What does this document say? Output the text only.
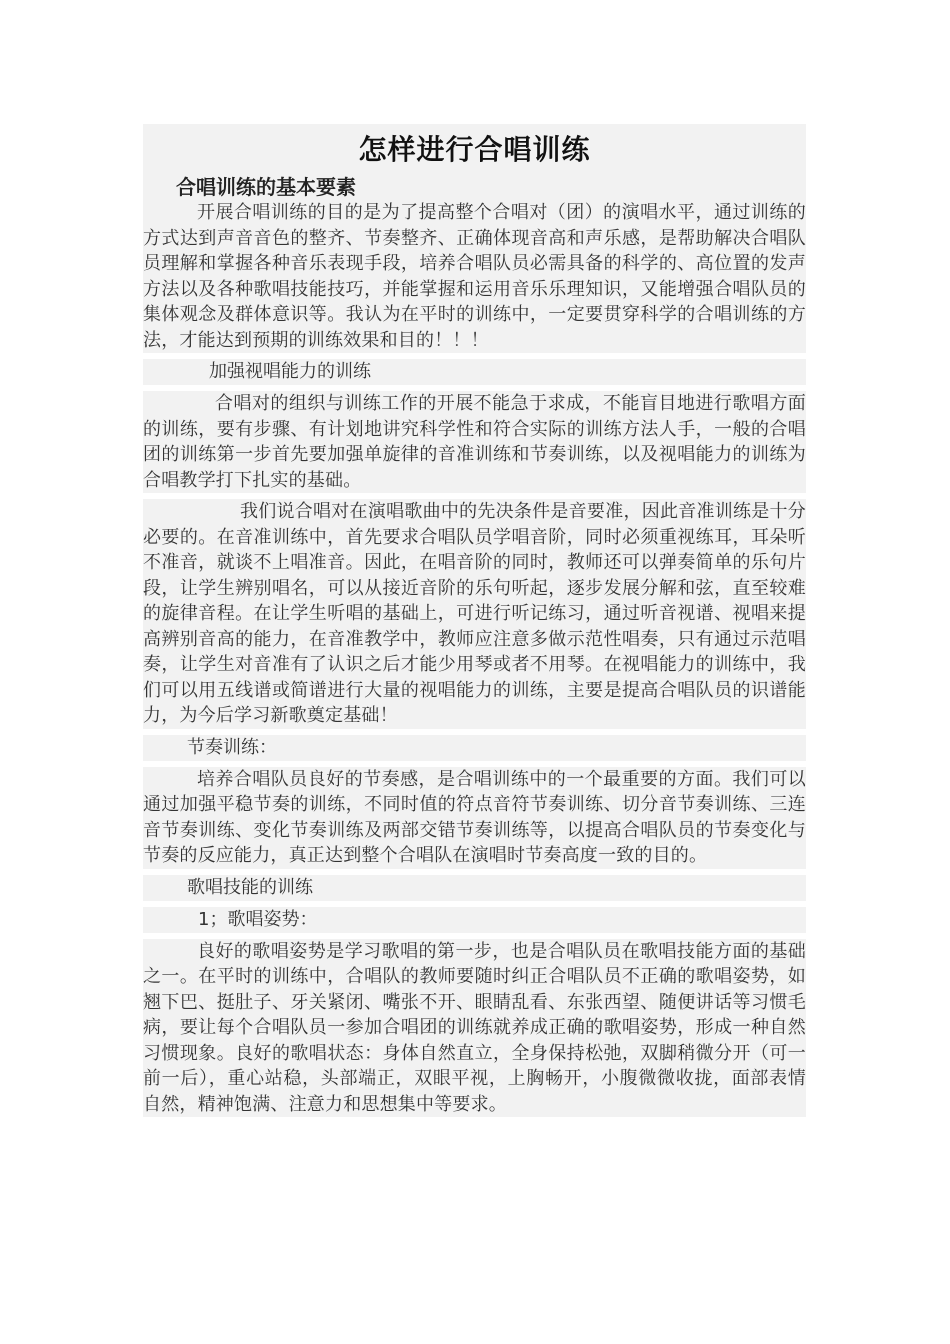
怎样进行合唱训练
合唱训练的基本要素
开展合唱训练的目的是为了提高整个合唱对（团）的演唱水平，通过训练的方式达到声音音色的整齐、节奏整齐、正确体现音高和声乐感，是帮助解决合唱队员理解和掌握各种音乐表现手段，培养合唱队员必需具备的科学的、高位置的发声方法以及各种歌唱技能技巧，并能掌握和运用音乐乐理知识，又能增强合唱队员的集体观念及群体意识等。我认为在平时的训练中，一定要贯穿科学的合唱训练的方法，才能达到预期的训练效果和目的！！！
加强视唱能力的训练
合唱对的组织与训练工作的开展不能急于求成，不能盲目地进行歌唱方面的训练，要有步骤、有计划地讲究科学性和符合实际的训练方法人手，一般的合唱团的训练第一步首先要加强单旋律的音准训练和节奏训练，以及视唱能力的训练为合唱教学打下扎实的基础。
我们说合唱对在演唱歌曲中的先决条件是音要准，因此音准训练是十分必要的。在音准训练中，首先要求合唱队员学唱音阶，同时必须重视练耳，耳朵听不准音，就谈不上唱准音。因此，在唱音阶的同时，教师还可以弹奏简单的乐句片段，让学生辨别唱名，可以从接近音阶的乐句听起，逐步发展分解和弦，直至较难的旋律音程。在让学生听唱的基础上，可进行听记练习，通过听音视谱、视唱来提高辨别音高的能力，在音准教学中，教师应注意多做示范性唱奏，只有通过示范唱奏，让学生对音准有了认识之后才能少用琴或者不用琴。在视唱能力的训练中，我们可以用五线谱或简谱进行大量的视唱能力的训练，主要是提高合唱队员的识谱能力，为今后学习新歌奠定基础！
节奏训练：
培养合唱队员良好的节奏感，是合唱训练中的一个最重要的方面。我们可以通过加强平稳节奏的训练，不同时值的符点音符节奏训练、切分音节奏训练、三连音节奏训练、变化节奏训练及两部交错节奏训练等，以提高合唱队员的节奏变化与节奏的反应能力，真正达到整个合唱队在演唱时节奏高度一致的目的。
歌唱技能的训练
1；歌唱姿势：
良好的歌唱姿势是学习歌唱的第一步，也是合唱队员在歌唱技能方面的基础之一。在平时的训练中，合唱队的教师要随时纠正合唱队员不正确的歌唱姿势，如翘下巴、挺肚子、牙关紧闭、嘴张不开、眼睛乱看、东张西望、随便讲话等习惯毛病，要让每个合唱队员一参加合唱团的训练就养成正确的歌唱姿势，形成一种自然习惯现象。良好的歌唱状态：身体自然直立，全身保持松弛，双脚稍微分开（可一前一后），重心站稳，头部端正，双眼平视，上胸畅开，小腹微微收拢，面部表情自然，精神饱满、注意力和思想集中等要求。
